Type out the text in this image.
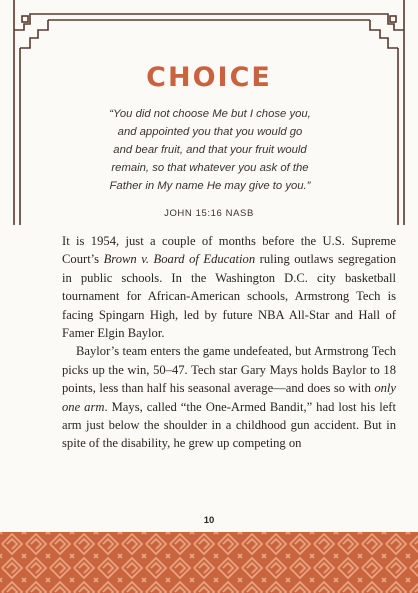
CHOICE
“You did not choose Me but I chose you,
and appointed you that you would go
and bear fruit, and that your fruit would
remain, so that whatever you ask of the
Father in My name He may give to you.”
JOHN 15:16 NASB

It is 1954, just a couple of months before the U.S. Supreme Court’s Brown v. Board of Education ruling outlaws segregation in public schools. In the Washington D.C. city basketball tournament for African-American schools, Armstrong Tech is facing Spingarn High, led by future NBA All-Star and Hall of Famer Elgin Baylor.

Baylor’s team enters the game undefeated, but Armstrong Tech picks up the win, 50–47. Tech star Gary Mays holds Baylor to 18 points, less than half his seasonal average—and does so with only one arm. Mays, called “the One-Armed Bandit,” had lost his left arm just below the shoulder in a childhood gun accident. But in spite of the disability, he grew up competing on

10
